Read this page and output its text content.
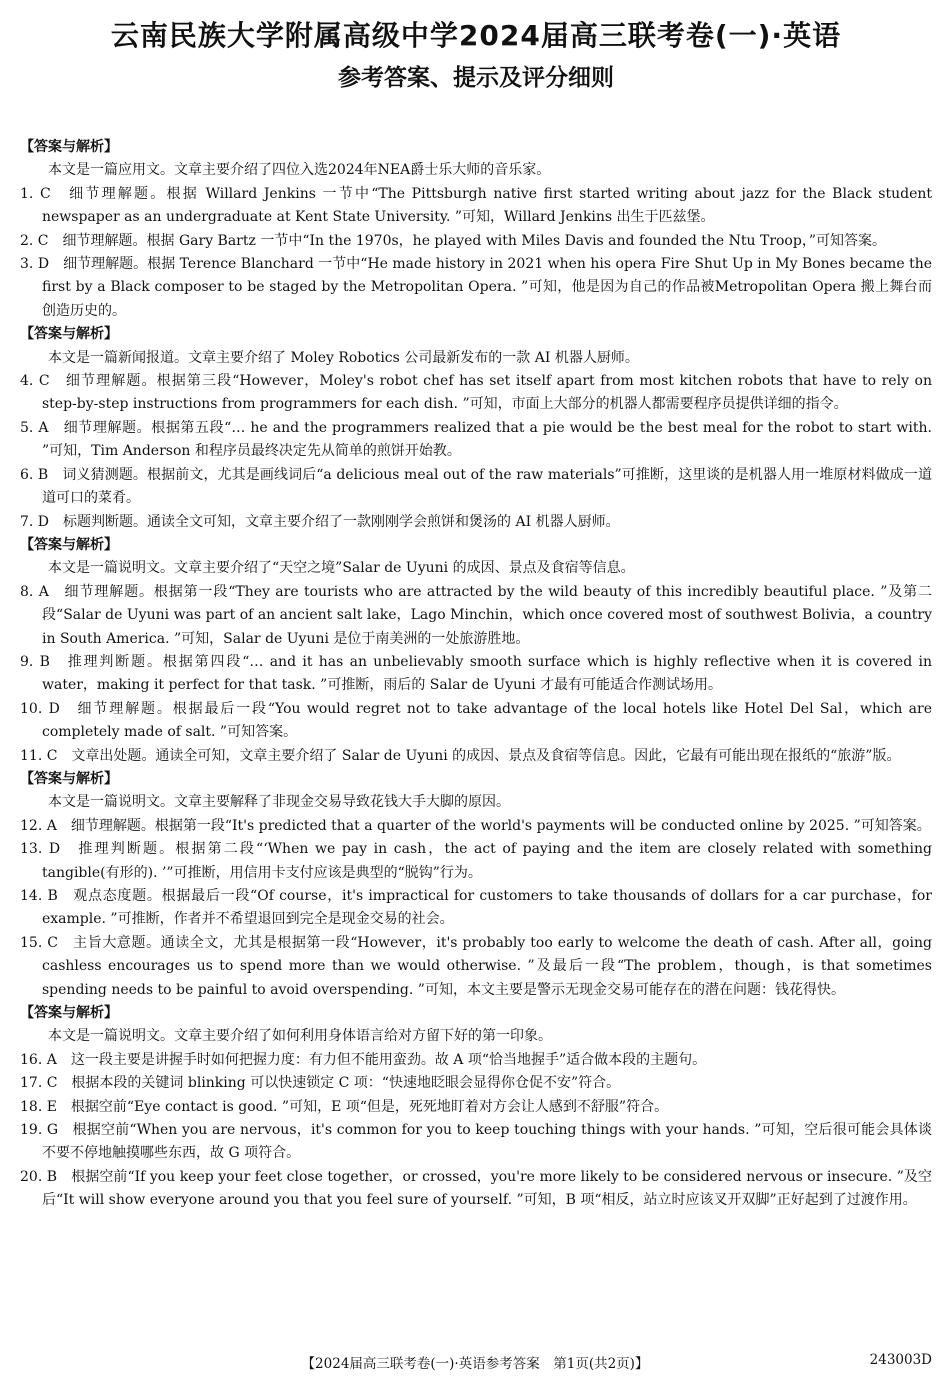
云南民族大学附属高级中学2024届高三联考卷(一)·英语
参考答案、提示及评分细则
【答案与解析】
本文是一篇应用文。文章主要介绍了四位入选2024年NEA爵士乐大师的音乐家。
1. C　细节理解题。根据 Willard Jenkins 一节中“The Pittsburgh native first started writing about jazz for the Black student newspaper as an undergraduate at Kent State University. ”可知，Willard Jenkins 出生于匹兹堡。
2. C　细节理解题。根据 Gary Bartz 一节中“In the 1970s，he played with Miles Davis and founded the Ntu Troop，”可知答案。
3. D　细节理解题。根据 Terence Blanchard 一节中“He made history in 2021 when his opera Fire Shut Up in My Bones became the first by a Black composer to be staged by the Metropolitan Opera. ”可知，他是因为自己的作品被Metropolitan Opera 搬上舞台而创造历史的。
【答案与解析】
本文是一篇新闻报道。文章主要介绍了 Moley Robotics 公司最新发布的一款 AI 机器人厨师。
4. C　细节理解题。根据第三段“However，Moley's robot chef has set itself apart from most kitchen robots that have to rely on step-by-step instructions from programmers for each dish. ”可知，市面上大部分的机器人都需要程序员提供详细的指令。
5. A　细节理解题。根据第五段“… he and the programmers realized that a pie would be the best meal for the robot to start with. ”可知，Tim Anderson 和程序员最终决定先从简单的煎饼开始教。
6. B　词义猜测题。根据前文，尤其是画线词后“a delicious meal out of the raw materials”可推断，这里谈的是机器人用一堆原材料做成一道道可口的菜肴。
7. D　标题判断题。通读全文可知，文章主要介绍了一款刚刚学会煎饼和煲汤的 AI 机器人厨师。
【答案与解析】
本文是一篇说明文。文章主要介绍了“天空之境”Salar de Uyuni 的成因、景点及食宿等信息。
8. A　细节理解题。根据第一段“They are tourists who are attracted by the wild beauty of this incredibly beautiful place. ”及第二段“Salar de Uyuni was part of an ancient salt lake，Lago Minchin，which once covered most of southwest Bolivia，a country in South America. ”可知，Salar de Uyuni 是位于南美洲的一处旅游胜地。
9. B　推理判断题。根据第四段“… and it has an unbelievably smooth surface which is highly reflective when it is covered in water，making it perfect for that task. ”可推断，雨后的 Salar de Uyuni 才最有可能适合作测试场用。
10. D　细节理解题。根据最后一段“You would regret not to take advantage of the local hotels like Hotel Del Sal，which are completely made of salt. ”可知答案。
11. C　文章出处题。通读全可知，文章主要介绍了 Salar de Uyuni 的成因、景点及食宿等信息。因此，它最有可能出现在报纸的“旅游”版。
【答案与解析】
本文是一篇说明文。文章主要解释了非现金交易导致花钱大手大脚的原因。
12. A　细节理解题。根据第一段“It's predicted that a quarter of the world's payments will be conducted online by 2025. ”可知答案。
13. D　推理判断题。根据第二段“‘When we pay in cash，the act of paying and the item are closely related with something tangible(有形的). ’”可推断，用信用卡支付应该是典型的“脱钩”行为。
14. B　观点态度题。根据最后一段“Of course，it's impractical for customers to take thousands of dollars for a car purchase，for example. ”可推断，作者并不希望退回到完全是现金交易的社会。
15. C　主旨大意题。通读全文，尤其是根据第一段“However，it's probably too early to welcome the death of cash. After all，going cashless encourages us to spend more than we would otherwise. ”及最后一段“The problem，though，is that sometimes spending needs to be painful to avoid overspending. ”可知，本文主要是警示无现金交易可能存在的潜在问题：钱花得快。
【答案与解析】
本文是一篇说明文。文章主要介绍了如何利用身体语言给对方留下好的第一印象。
16. A　这一段主要是讲握手时如何把握力度：有力但不能用蛮劲。故 A 项“恰当地握手”适合做本段的主题句。
17. C　根据本段的关键词 blinking 可以快速锁定 C 项：“快速地眨眼会显得你仓促不安”符合。
18. E　根据空前“Eye contact is good. ”可知，E 项“但是，死死地盯着对方会让人感到不舒服”符合。
19. G　根据空前“When you are nervous，it's common for you to keep touching things with your hands. ”可知，空后很可能会具体谈不要不停地触摸哪些东西，故 G 项符合。
20. B　根据空前“If you keep your feet close together，or crossed，you're more likely to be considered nervous or insecure. ”及空后“It will show everyone around you that you feel sure of yourself. ”可知，B 项“相反，站立时应该叉开双脚”正好起到了过渡作用。
【2024届高三联考卷(一)·英语参考答案　第1页(共2页)】	243003D
